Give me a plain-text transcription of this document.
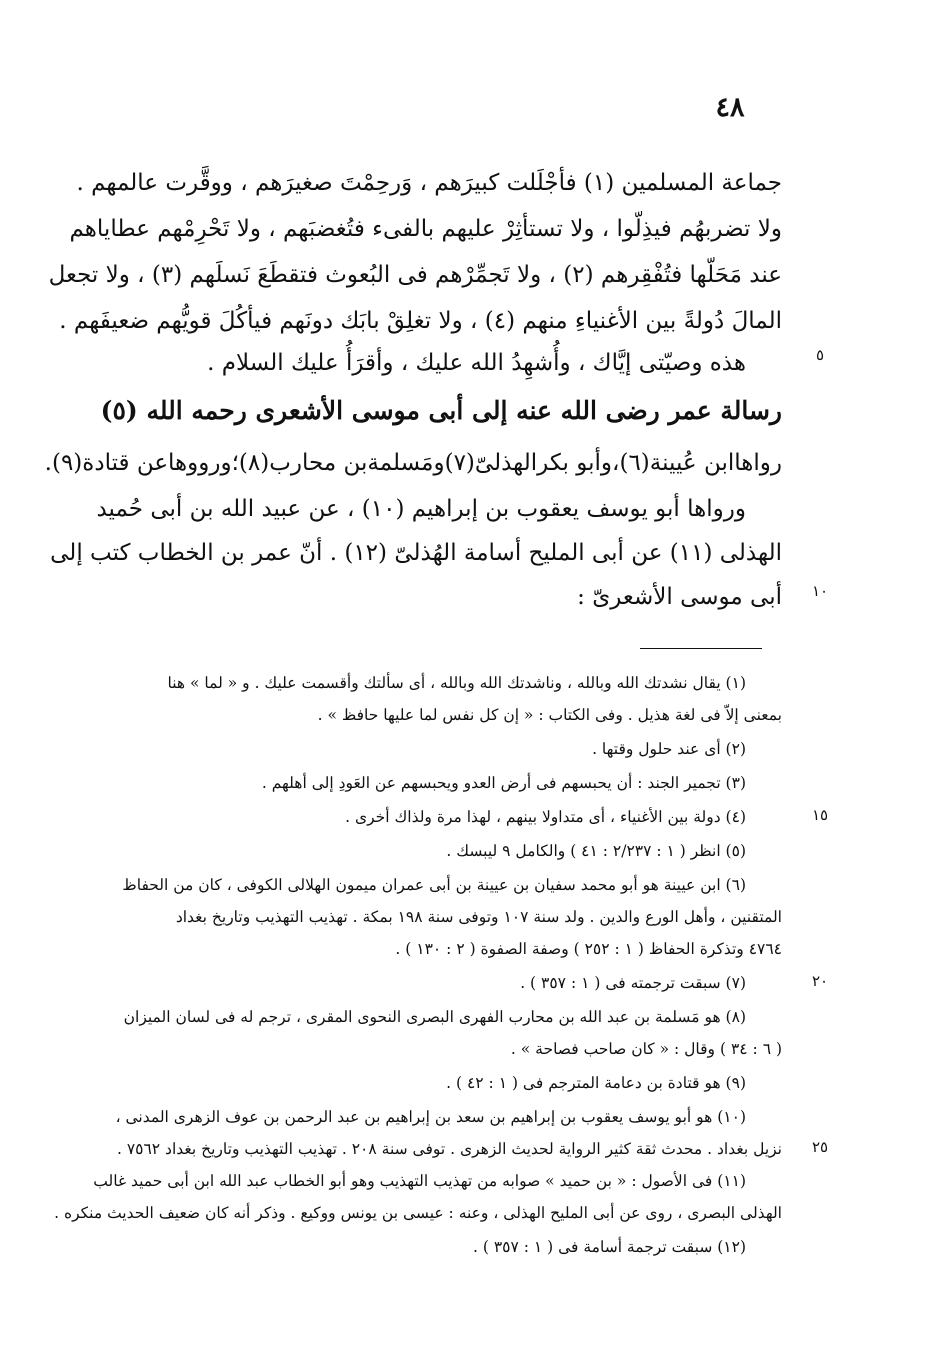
٤٨
جماعة المسلمين (١) فأجْلَلت كبيرَهم ، وَرحِمْتَ صغيرَهم ، ووقَّرت عالمهم .
ولا تضربهُم فيذِلّوا ، ولا تستأثِرْ عليهم بالفىء فتُغضبَهم ، ولا تَحْرِمْهم عطاياهم
عند مَحَلّها فتُفْقِرهم (٢) ، ولا تَجمِّرْهم فى البُعوث فتقطَعَ نَسلَهم (٣) ، ولا تجعل
المالَ دُولةً بين الأغنياءِ منهم (٤) ، ولا تغلِقْ بابَك دونَهم فيأكُلَ قويُّهم ضعيفَهم .
هذه وصيّتى إيَّاك ، وأُشهِدُ الله عليك ، وأقرَأُ عليك السلام .
رسالة عمر رضى الله عنه إلى أبى موسى الأشعرى رحمه الله (٥)
رواهاابن عُيينة(٦)،وأبو بكرالهذلىّ(٧)ومَسلمةبن محارب(٨)؛ورووهاعن قتادة(٩).
ورواها أبو يوسف يعقوب بن إبراهيم (١٠) ، عن عبيد الله بن أبى حُميد
الهذلى (١١) عن أبى المليح أسامة الهُذلىّ (١٢) . أنّ عمر بن الخطاب كتب إلى
أبى موسى الأشعرىّ :
(١) يقال نشدتك الله وبالله ، وناشدتك الله وبالله ، أى سألتك وأقسمت عليك . و « لما » هنا
بمعنى إلاّ فى لغة هذيل . وفى الكتاب : « إن كل نفس لما عليها حافظ » .
(٢) أى عند حلول وقتها .
(٣) تجمير الجند : أن يحبسهم فى أرض العدو ويحبسهم عن العَودِ إلى أهلهم .
(٤) دولة بين الأغنياء ، أى متداولا بينهم ، لهذا مرة ولذاك أخرى .
(٥) انظر ( ١ : ٢/٢٣٧ : ٤١ ) والكامل ٩ ليبسك .
(٦) ابن عيينة هو أبو محمد سفيان بن عيينة بن أبى عمران ميمون الهلالى الكوفى ، كان من الحفاظ
المتقنين ، وأهل الورع والدين . ولد سنة ١٠٧ وتوفى سنة ١٩٨ بمكة . تهذيب التهذيب وتاريخ بغداد
٤٧٦٤ وتذكرة الحفاظ ( ١ : ٢٥٢ ) وصفة الصفوة ( ٢ : ١٣٠ ) .
(٧) سبقت ترجمته فى ( ١ : ٣٥٧ ) .
(٨) هو مَسلمة بن عبد الله بن محارب الفهرى البصرى النحوى المقرى ، ترجم له فى لسان الميزان
( ٦ : ٣٤ ) وقال : « كان صاحب فصاحة » .
(٩) هو قتادة بن دعامة المترجم فى ( ١ : ٤٢ ) .
(١٠) هو أبو يوسف يعقوب بن إبراهيم بن سعد بن إبراهيم بن عبد الرحمن بن عوف الزهرى المدنى ،
نزيل بغداد . محدث ثقة كثير الرواية لحديث الزهرى . توفى سنة ٢٠٨ . تهذيب التهذيب وتاريخ بغداد ٧٥٦٢ .
(١١) فى الأصول : « بن حميد » صوابه من تهذيب التهذيب وهو أبو الخطاب عبد الله ابن أبى حميد غالب
الهذلى البصرى ، روى عن أبى المليح الهذلى ، وعنه : عيسى بن يونس ووكيع . وذكر أنه كان ضعيف الحديث منكره .
(١٢) سبقت ترجمة أسامة فى ( ١ : ٣٥٧ ) .
٥
١٠
١٥
٢٠
٢٥
